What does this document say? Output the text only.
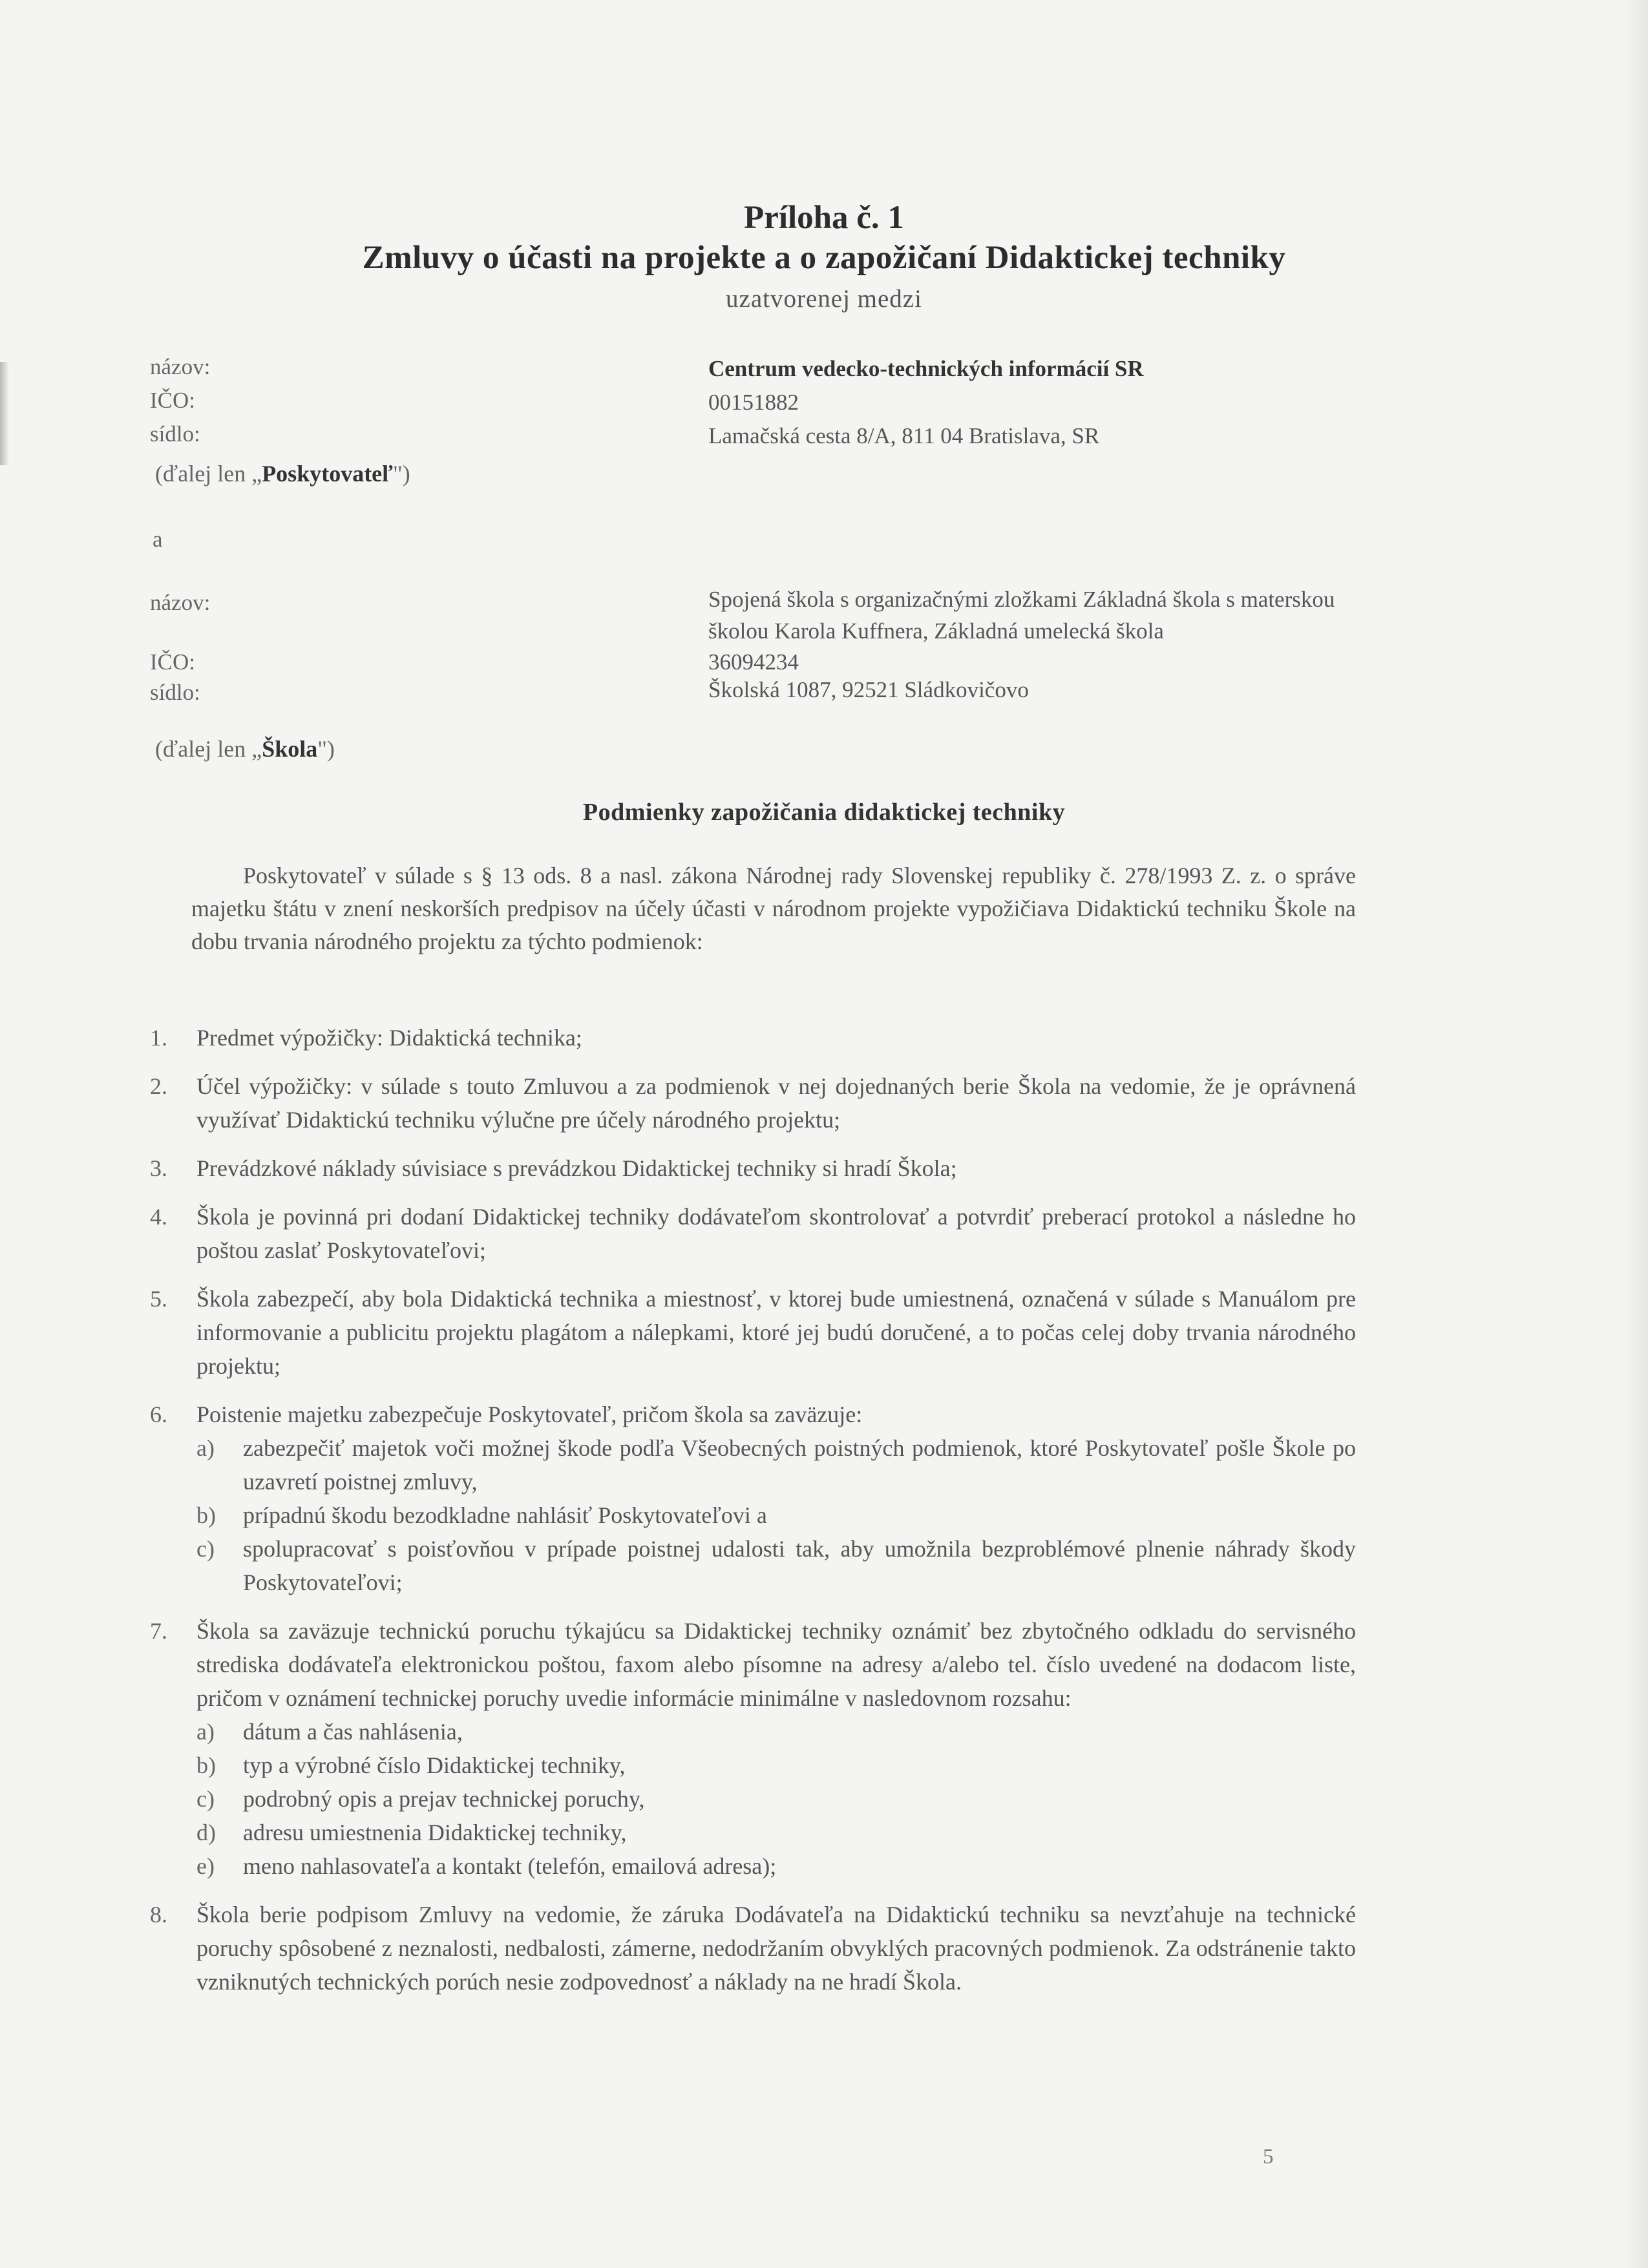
Príloha č. 1
Zmluvy o účasti na projekte a o zapožičaní Didaktickej techniky
uzatvorenej medzi
názov:
IČO:
sídlo:
Centrum vedecko-technických informácií SR
00151882
Lamačská cesta 8/A, 811 04 Bratislava, SR
(ďalej len „Poskytovateľ")
a
názov:
IČO:
sídlo:
Spojená škola s organizačnými zložkami Základná škola s materskou školou Karola Kuffnera, Základná umelecká škola
36094234
Školská 1087, 92521 Sládkovičovo
(ďalej len „Škola")
Podmienky zapožičania didaktickej techniky

Poskytovateľ v súlade s § 13 ods. 8 a nasl. zákona Národnej rady Slovenskej republiky č. 278/1993 Z. z. o správe majetku štátu v znení neskorších predpisov na účely účasti v národnom projekte vypožičiava Didaktickú techniku Škole na dobu trvania národného projektu za týchto podmienok:

1. Predmet výpožičky: Didaktická technika;
2. Účel výpožičky: v súlade s touto Zmluvou a za podmienok v nej dojednaných berie Škola na vedomie, že je oprávnená využívať Didaktickú techniku výlučne pre účely národného projektu;
3. Prevádzkové náklady súvisiace s prevádzkou Didaktickej techniky si hradí Škola;
4. Škola je povinná pri dodaní Didaktickej techniky dodávateľom skontrolovať a potvrdiť preberací protokol a následne ho poštou zaslať Poskytovateľovi;
5. Škola zabezpečí, aby bola Didaktická technika a miestnosť, v ktorej bude umiestnená, označená v súlade s Manuálom pre informovanie a publicitu projektu plagátom a nálepkami, ktoré jej budú doručené, a to počas celej doby trvania národného projektu;
6. Poistenie majetku zabezpečuje Poskytovateľ, pričom škola sa zaväzuje:
a) zabezpečiť majetok voči možnej škode podľa Všeobecných poistných podmienok, ktoré Poskytovateľ pošle Škole po uzavretí poistnej zmluvy,
b) prípadnú škodu bezodkladne nahlásiť Poskytovateľovi a
c) spolupracovať s poisťovňou v prípade poistnej udalosti tak, aby umožnila bezproblémové plnenie náhrady škody Poskytovateľovi;
7. Škola sa zaväzuje technickú poruchu týkajúcu sa Didaktickej techniky oznámiť bez zbytočného odkladu do servisného strediska dodávateľa elektronickou poštou, faxom alebo písomne na adresy a/alebo tel. číslo uvedené na dodacom liste, pričom v oznámení technickej poruchy uvedie informácie minimálne v nasledovnom rozsahu:
a) dátum a čas nahlásenia,
b) typ a výrobné číslo Didaktickej techniky,
c) podrobný opis a prejav technickej poruchy,
d) adresu umiestnenia Didaktickej techniky,
e) meno nahlasovateľa a kontakt (telefón, emailová adresa);
8. Škola berie podpisom Zmluvy na vedomie, že záruka Dodávateľa na Didaktickú techniku sa nevzťahuje na technické poruchy spôsobené z neznalosti, nedbalosti, zámerne, nedodržaním obvyklých pracovných podmienok. Za odstránenie takto vzniknutých technických porúch nesie zodpovednosť a náklady na ne hradí Škola.
5
